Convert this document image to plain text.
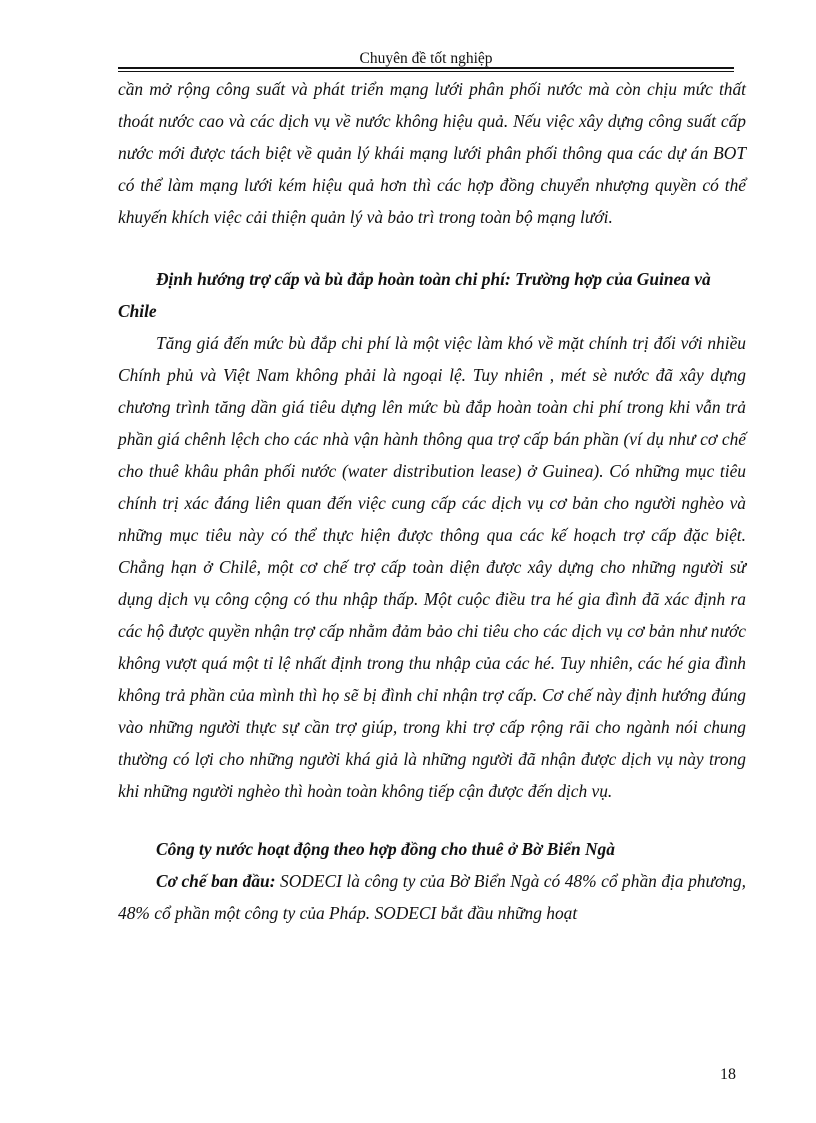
Chuyên đề tốt nghiệp

cần mở rộng công suất và phát triển mạng lưới phân phối nước mà còn chịu mức thất thoát nước cao và các dịch vụ về nước không hiệu quả. Nếu việc xây dựng công suất cấp nước mới được tách biệt về quản lý khái mạng lưới phân phối thông qua các dự án BOT có thể làm mạng lưới kém hiệu quả hơn thì các hợp đồng chuyển nhượng quyền có thể khuyến khích việc cải thiện quản lý và bảo trì trong toàn bộ mạng lưới.

Định hướng trợ cấp và bù đắp hoàn toàn chi phí: Trường hợp của Guinea và Chile

Tăng giá đến mức bù đắp chi phí là một việc làm khó về mặt chính trị đối với nhiều Chính phủ và Việt Nam không phải là ngoại lệ. Tuy nhiên , mét sè nước đã xây dựng chương trình tăng dần giá tiêu dựng lên mức bù đắp hoàn toàn chi phí trong khi vẫn trả phần giá chênh lệch cho các nhà vận hành thông qua trợ cấp bán phần (ví dụ như cơ chế cho thuê khâu phân phối nước (water distribution lease) ở Guinea). Có những mục tiêu chính trị xác đáng liên quan đến việc cung cấp các dịch vụ cơ bản cho người nghèo và những mục tiêu này có thể thực hiện được thông qua các kế hoạch trợ cấp đặc biệt. Chẳng hạn ở Chilê, một cơ chế trợ cấp toàn diện được xây dựng cho những người sử dụng dịch vụ công cộng có thu nhập thấp. Một cuộc điều tra hé gia đình đã xác định ra các hộ được quyền nhận trợ cấp nhằm đảm bảo chi tiêu cho các dịch vụ cơ bản như nước không vượt quá một tỉ lệ nhất định trong thu nhập của các hé. Tuy nhiên, các hé gia đình không trả phần của mình thì họ sẽ bị đình chỉ nhận trợ cấp. Cơ chế này định hướng đúng vào những người thực sự cần trợ giúp, trong khi trợ cấp rộng rãi cho ngành nói chung thường có lợi cho những người khá giả là những người đã nhận được dịch vụ này trong khi những người nghèo thì hoàn toàn không tiếp cận được đến dịch vụ.

Công ty nước hoạt động theo hợp đồng cho thuê ở Bờ Biển Ngà

Cơ chế ban đầu: SODECI là công ty của Bờ Biển Ngà có 48% cổ phần địa phương, 48% cổ phần một công ty của Pháp. SODECI bắt đầu những hoạt

18
